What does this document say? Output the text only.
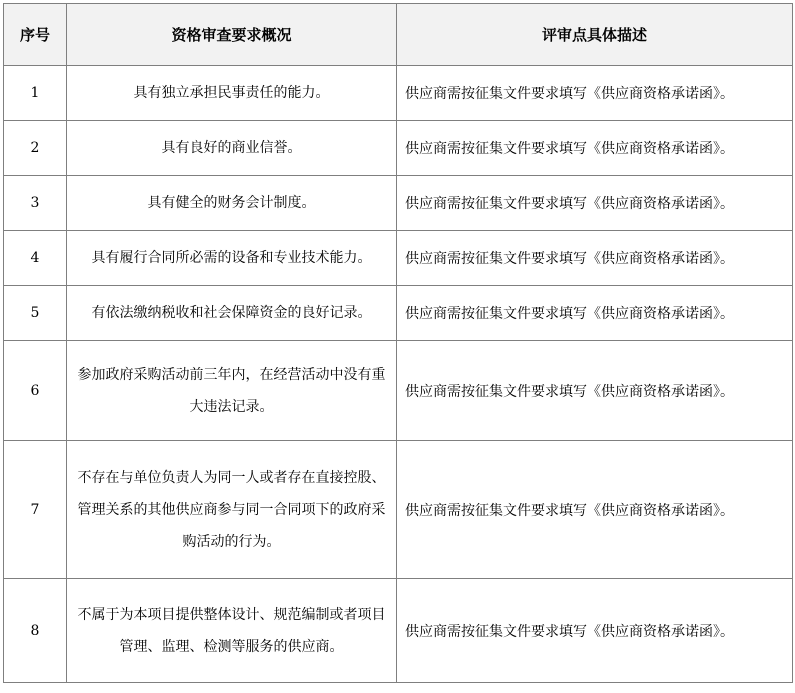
序号	资格审查要求概况	评审点具体描述
1	具有独立承担民事责任的能力。	供应商需按征集文件要求填写《供应商资格承诺函》。
2	具有良好的商业信誉。	供应商需按征集文件要求填写《供应商资格承诺函》。
3	具有健全的财务会计制度。	供应商需按征集文件要求填写《供应商资格承诺函》。
4	具有履行合同所必需的设备和专业技术能力。	供应商需按征集文件要求填写《供应商资格承诺函》。
5	有依法缴纳税收和社会保障资金的良好记录。	供应商需按征集文件要求填写《供应商资格承诺函》。
6	参加政府采购活动前三年内，在经营活动中没有重大违法记录。	供应商需按征集文件要求填写《供应商资格承诺函》。
7	不存在与单位负责人为同一人或者存在直接控股、管理关系的其他供应商参与同一合同项下的政府采购活动的行为。	供应商需按征集文件要求填写《供应商资格承诺函》。
8	不属于为本项目提供整体设计、规范编制或者项目管理、监理、检测等服务的供应商。	供应商需按征集文件要求填写《供应商资格承诺函》。
